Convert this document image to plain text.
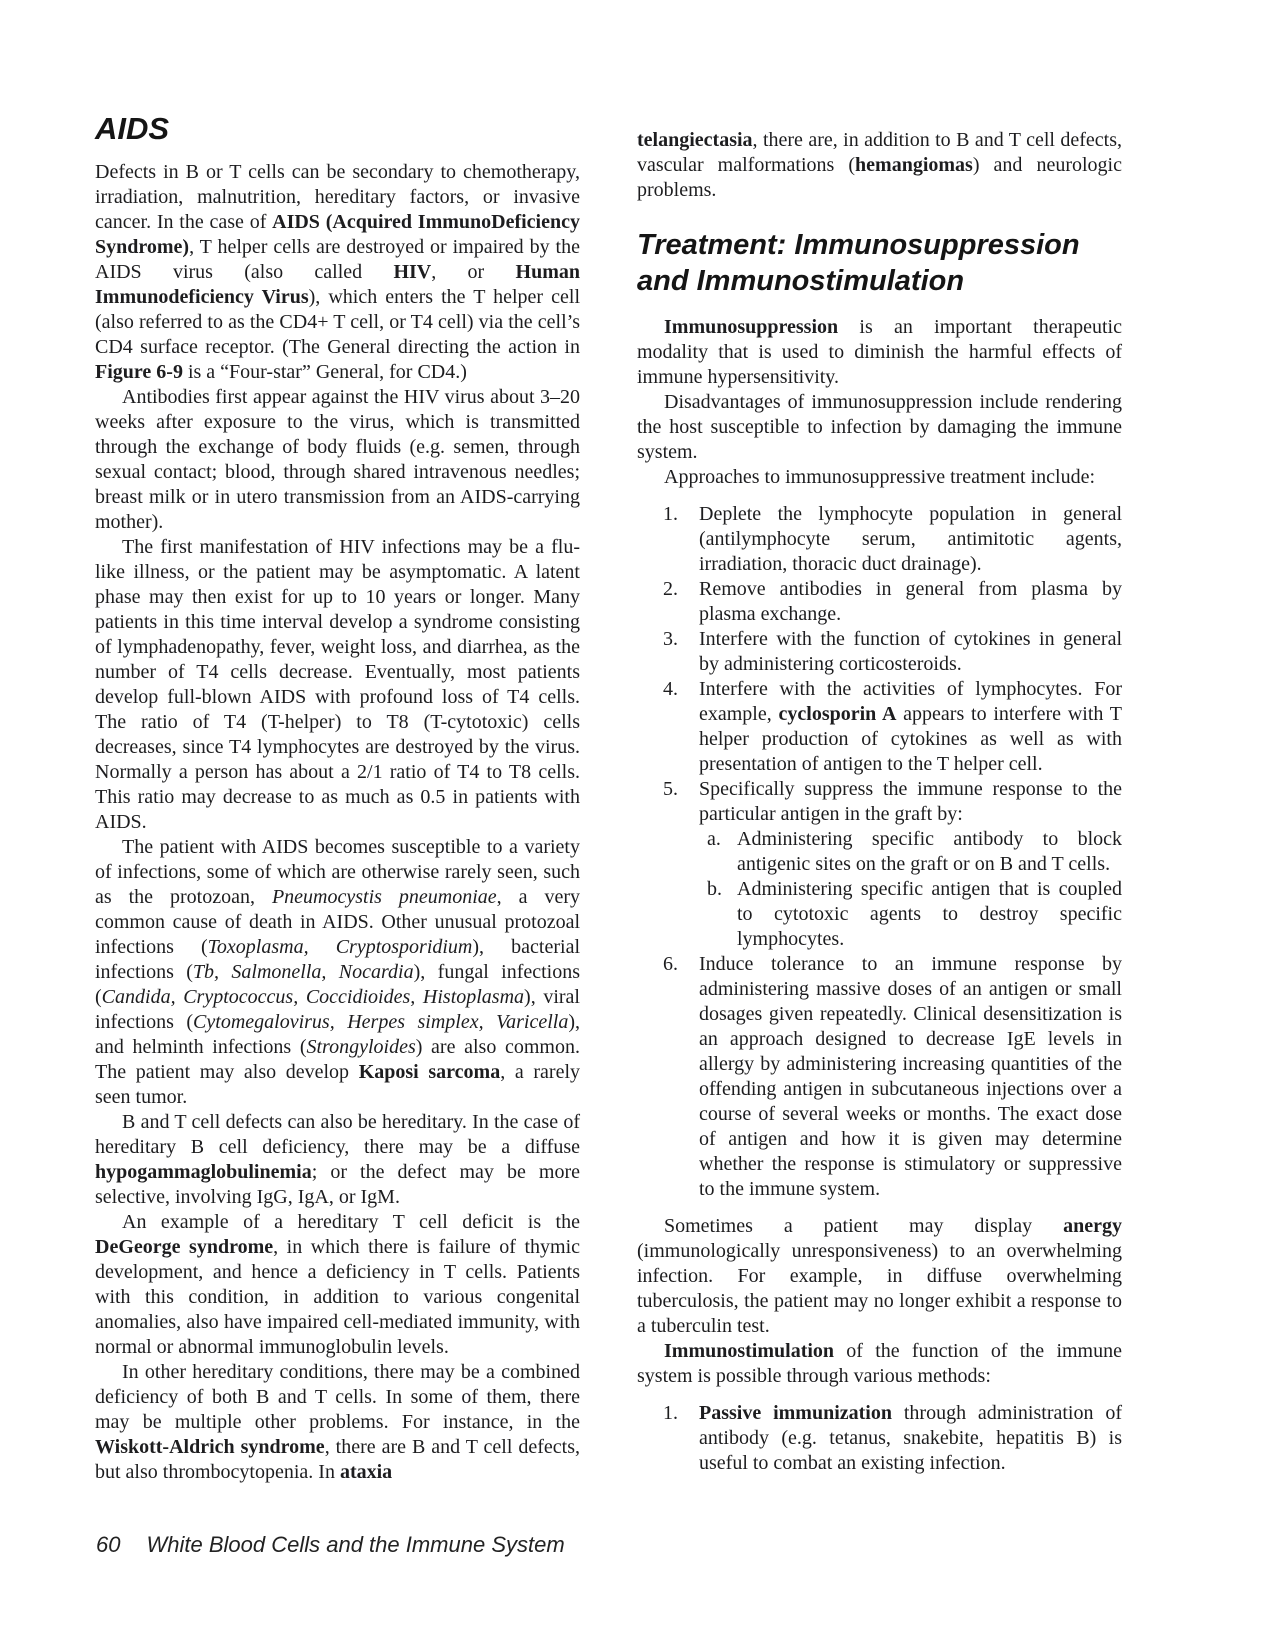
AIDS

Defects in B or T cells can be secondary to chemotherapy, irradiation, malnutrition, hereditary factors, or invasive cancer. In the case of AIDS (Acquired ImmunoDeficiency Syndrome), T helper cells are destroyed or impaired by the AIDS virus (also called HIV, or Human Immunodeficiency Virus), which enters the T helper cell (also referred to as the CD4+ T cell, or T4 cell) via the cell’s CD4 surface receptor. (The General directing the action in Figure 6-9 is a “Four-star” General, for CD4.)

Antibodies first appear against the HIV virus about 3–20 weeks after exposure to the virus, which is transmitted through the exchange of body fluids (e.g. semen, through sexual contact; blood, through shared intravenous needles; breast milk or in utero transmission from an AIDS-carrying mother).

The first manifestation of HIV infections may be a flu-like illness, or the patient may be asymptomatic. A latent phase may then exist for up to 10 years or longer. Many patients in this time interval develop a syndrome consisting of lymphadenopathy, fever, weight loss, and diarrhea, as the number of T4 cells decrease. Eventually, most patients develop full-blown AIDS with profound loss of T4 cells. The ratio of T4 (T-helper) to T8 (T-cytotoxic) cells decreases, since T4 lymphocytes are destroyed by the virus. Normally a person has about a 2/1 ratio of T4 to T8 cells. This ratio may decrease to as much as 0.5 in patients with AIDS.

The patient with AIDS becomes susceptible to a variety of infections, some of which are otherwise rarely seen, such as the protozoan, Pneumocystis pneumoniae, a very common cause of death in AIDS. Other unusual protozoal infections (Toxoplasma, Cryptosporidium), bacterial infections (Tb, Salmonella, Nocardia), fungal infections (Candida, Cryptococcus, Coccidioides, Histoplasma), viral infections (Cytomegalovirus, Herpes simplex, Varicella), and helminth infections (Strongyloides) are also common. The patient may also develop Kaposi sarcoma, a rarely seen tumor.

B and T cell defects can also be hereditary. In the case of hereditary B cell deficiency, there may be a diffuse hypogammaglobulinemia; or the defect may be more selective, involving IgG, IgA, or IgM.

An example of a hereditary T cell deficit is the DeGeorge syndrome, in which there is failure of thymic development, and hence a deficiency in T cells. Patients with this condition, in addition to various congenital anomalies, also have impaired cell-mediated immunity, with normal or abnormal immunoglobulin levels.

In other hereditary conditions, there may be a combined deficiency of both B and T cells. In some of them, there may be multiple other problems. For instance, in the Wiskott-Aldrich syndrome, there are B and T cell defects, but also thrombocytopenia. In ataxia

telangiectasia, there are, in addition to B and T cell defects, vascular malformations (hemangiomas) and neurologic problems.

Treatment: Immunosuppression and Immunostimulation

Immunosuppression is an important therapeutic modality that is used to diminish the harmful effects of immune hypersensitivity.

Disadvantages of immunosuppression include rendering the host susceptible to infection by damaging the immune system.

Approaches to immunosuppressive treatment include:

1.	Deplete the lymphocyte population in general (antilymphocyte serum, antimitotic agents, irradiation, thoracic duct drainage).
2.	Remove antibodies in general from plasma by plasma exchange.
3.	Interfere with the function of cytokines in general by administering corticosteroids.
4.	Interfere with the activities of lymphocytes. For example, cyclosporin A appears to interfere with T helper production of cytokines as well as with presentation of antigen to the T helper cell.
5.	Specifically suppress the immune response to the particular antigen in the graft by:
a. Administering specific antibody to block antigenic sites on the graft or on B and T cells.
b. Administering specific antigen that is coupled to cytotoxic agents to destroy specific lymphocytes.
6.	Induce tolerance to an immune response by administering massive doses of an antigen or small dosages given repeatedly. Clinical desensitization is an approach designed to decrease IgE levels in allergy by administering increasing quantities of the offending antigen in subcutaneous injections over a course of several weeks or months. The exact dose of antigen and how it is given may determine whether the response is stimulatory or suppressive to the immune system.

Sometimes a patient may display anergy (immunologically unresponsiveness) to an overwhelming infection. For example, in diffuse overwhelming tuberculosis, the patient may no longer exhibit a response to a tuberculin test.

Immunostimulation of the function of the immune system is possible through various methods:

1.	Passive immunization through administration of antibody (e.g. tetanus, snakebite, hepatitis B) is useful to combat an existing infection.
60 White Blood Cells and the Immune System
